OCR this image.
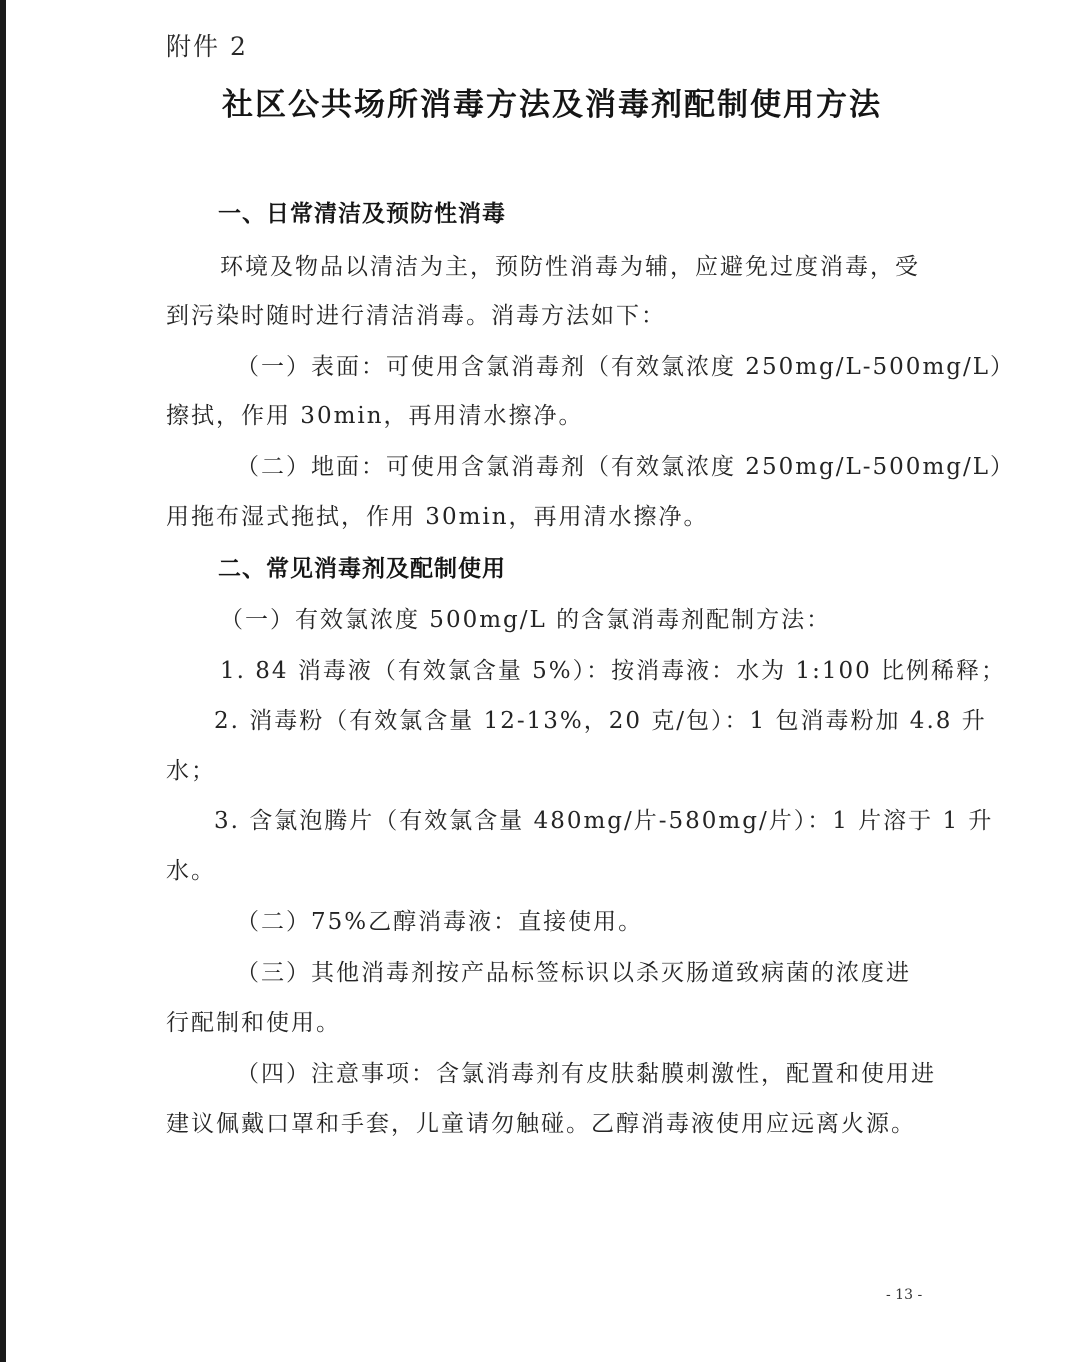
附件 2
社区公共场所消毒方法及消毒剂配制使用方法
一、日常清洁及预防性消毒
环境及物品以清洁为主，预防性消毒为辅，应避免过度消毒，受
到污染时随时进行清洁消毒。消毒方法如下：
（一）表面：可使用含氯消毒剂（有效氯浓度 250mg/L-500mg/L）
擦拭，作用 30min，再用清水擦净。
（二）地面：可使用含氯消毒剂（有效氯浓度 250mg/L-500mg/L）
用拖布湿式拖拭，作用 30min，再用清水擦净。
二、常见消毒剂及配制使用
（一）有效氯浓度 500mg/L 的含氯消毒剂配制方法：
1. 84 消毒液（有效氯含量 5%）：按消毒液：水为 1:100 比例稀释；
2. 消毒粉（有效氯含量 12-13%，20 克/包）：1 包消毒粉加 4.8 升
水；
3. 含氯泡腾片（有效氯含量 480mg/片-580mg/片）：1 片溶于 1 升
水。
（二）75%乙醇消毒液：直接使用。
（三）其他消毒剂按产品标签标识以杀灭肠道致病菌的浓度进
行配制和使用。
（四）注意事项：含氯消毒剂有皮肤黏膜刺激性，配置和使用进
建议佩戴口罩和手套，儿童请勿触碰。乙醇消毒液使用应远离火源。
- 13 -
